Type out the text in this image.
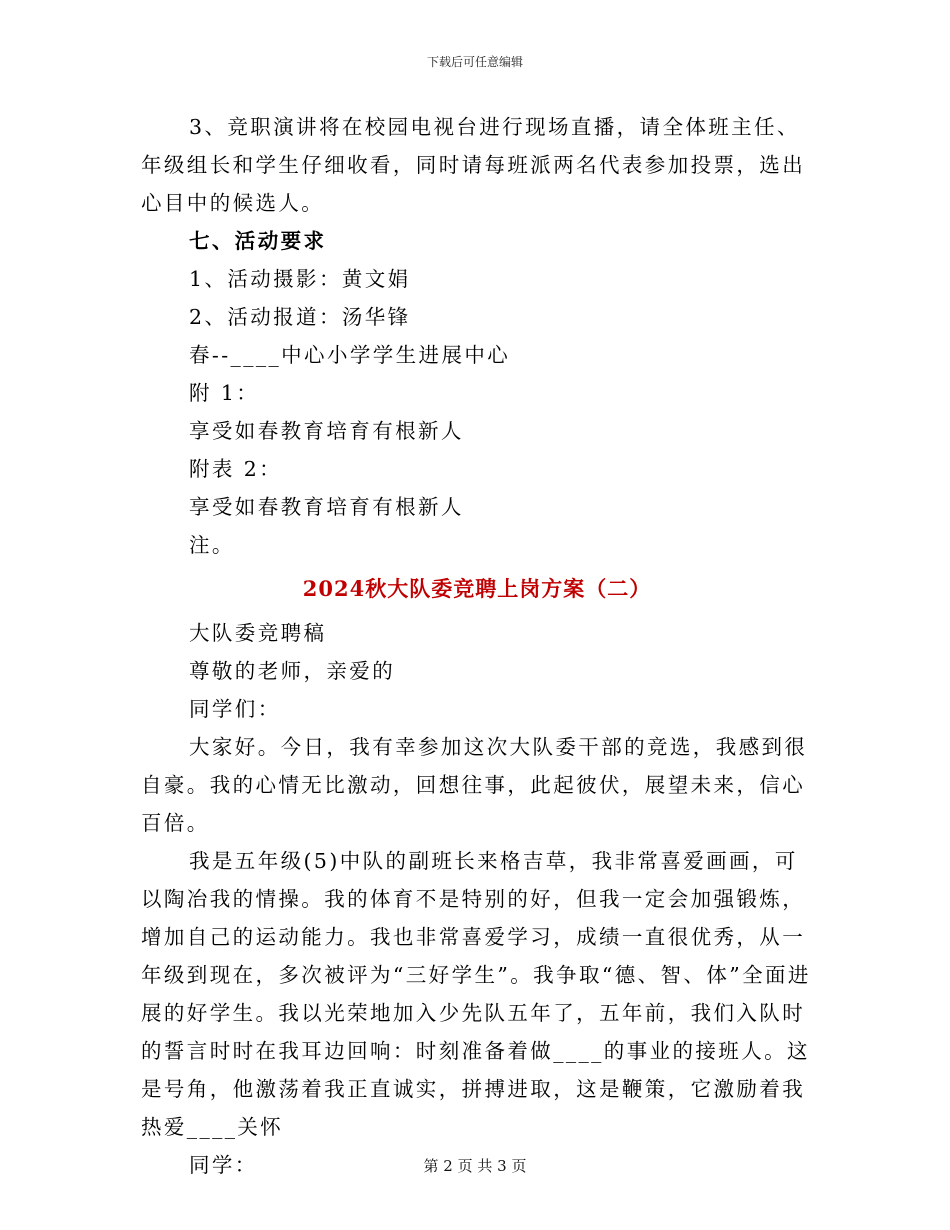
下载后可任意编辑

3、竞职演讲将在校园电视台进行现场直播，请全体班主任、年级组长和学生仔细收看，同时请每班派两名代表参加投票，选出心目中的候选人。

七、活动要求

1、活动摄影：黄文娟

2、活动报道：汤华锋

春--____中心小学学生进展中心

附 1：

享受如春教育培育有根新人

附表 2：

享受如春教育培育有根新人

注。

2024秋大队委竞聘上岗方案（二）

大队委竞聘稿

尊敬的老师，亲爱的

同学们：

大家好。今日，我有幸参加这次大队委干部的竞选，我感到很自豪。我的心情无比激动，回想往事，此起彼伏，展望未来，信心百倍。

我是五年级(5)中队的副班长来格吉草，我非常喜爱画画，可以陶冶我的情操。我的体育不是特别的好，但我一定会加强锻炼，增加自己的运动能力。我也非常喜爱学习，成绩一直很优秀，从一年级到现在，多次被评为“三好学生”。我争取“德、智、体”全面进展的好学生。我以光荣地加入少先队五年了，五年前，我们入队时的誓言时时在我耳边回响：时刻准备着做____的事业的接班人。这是号角，他激荡着我正直诚实，拼搏进取，这是鞭策，它激励着我热爱____关怀

同学：	第 2 页 共 3 页
